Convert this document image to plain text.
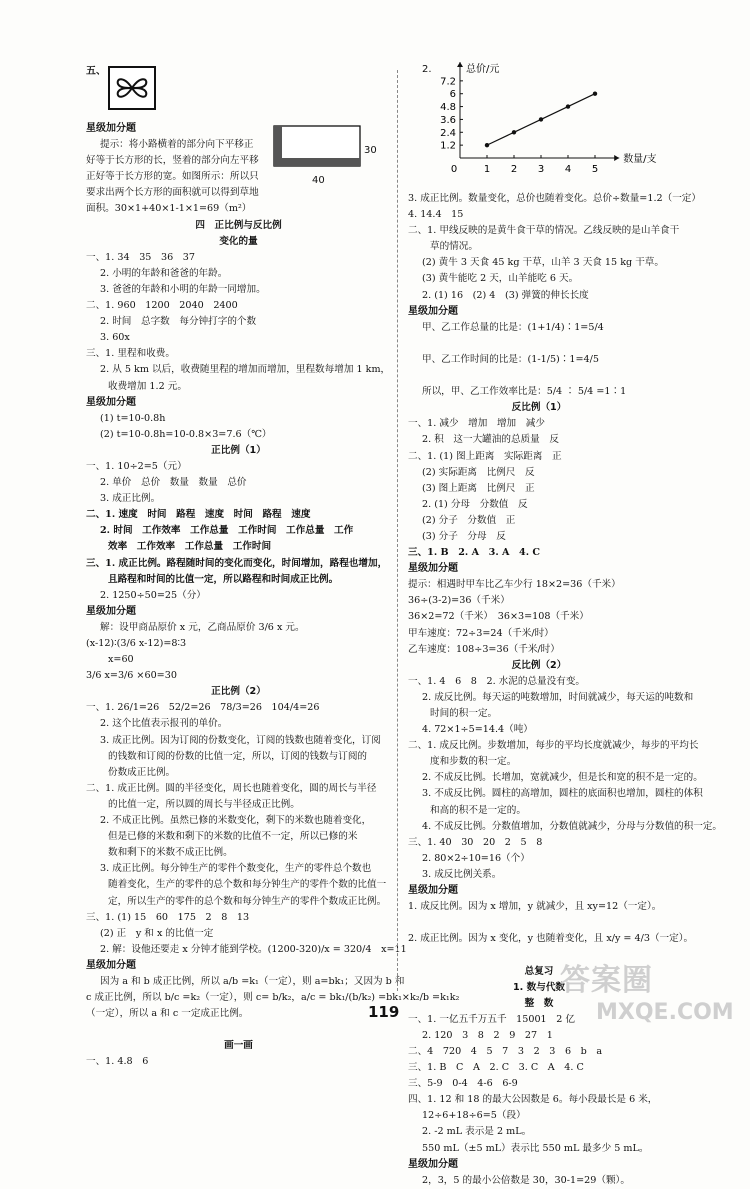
五、
30
40
星级加分题
提示：将小路横着的部分向下平移正
好等于长方形的长，竖着的部分向左平移
正好等于长方形的宽。如图所示：所以只
要求出两个长方形的面积就可以得到草地
面积。30×1+40×1-1×1=69（m²）
四　正比例与反比例
变化的量
一、1. 34　35　36　37
2. 小明的年龄和爸爸的年龄。
3. 爸爸的年龄和小明的年龄一同增加。
二、1. 960　1200　2040　2400
2. 时间　总字数　每分钟打字的个数
3. 60x
三、1. 里程和收费。
2. 从 5 km 以后，收费随里程的增加而增加，里程数每增加 1 km，
收费增加 1.2 元。
星级加分题
(1) t=10-0.8h
(2) t=10-0.8h=10-0.8×3=7.6（℃）
正比例（1）
一、1. 10÷2=5（元）
2. 单价　总价　数量　数量　总价
3. 成正比例。
二、1. 速度　时间　路程　速度　时间　路程　速度
2. 时间　工作效率　工作总量　工作时间　工作总量　工作
效率　工作效率　工作总量　工作时间
三、1. 成正比例。路程随时间的变化而变化，时间增加，路程也增加，
且路程和时间的比值一定，所以路程和时间成正比例。
2. 1250÷50=25（分）
星级加分题
解：设甲商品原价 x 元，乙商品原价 3/6 x 元。
(x-12)∶(3/6 x-12)=8∶3
x=60
3/6 x=3/6 ×60=30
正比例（2）
一、1. 26/1=26　52/2=26　78/3=26　104/4=26
2. 这个比值表示报刊的单价。
3. 成正比例。因为订阅的份数变化，订阅的钱数也随着变化，订阅
的钱数和订阅的份数的比值一定，所以，订阅的钱数与订阅的
份数成正比例。
二、1. 成正比例。圆的半径变化，周长也随着变化，圆的周长与半径
的比值一定，所以圆的周长与半径成正比例。
2. 不成正比例。虽然已修的米数变化，剩下的米数也随着变化，
但是已修的米数和剩下的米数的比值不一定，所以已修的米
数和剩下的米数不成正比例。
3. 成正比例。每分钟生产的零件个数变化，生产的零件总个数也
随着变化，生产的零件的总个数和每分钟生产的零件个数的比值一
定，所以生产的零件的总个数和每分钟生产的零件个数成正比例。
三、1. (1) 15　60　175　2　8　13
(2) 正　y 和 x 的比值一定
2. 解：设他还要走 x 分钟才能到学校。(1200-320)/x = 320/4　x=11
星级加分题
因为 a 和 b 成正比例，所以 a/b =k₁（一定），则 a=bk₁；又因为 b 和
c 成正比例，所以 b/c =k₂（一定），则 c= b/k₂，a/c = bk₁/(b/k₂) =bk₁×k₂/b =k₁k₂
（一定），所以 a 和 c 一定成正比例。

画一画
一、1. 4.8　6
2.
1.2
2.4
3.6
4.8
6
7.2
1 2 3 4 5
0
总价/元
数量/支
3. 成正比例。数量变化，总价也随着变化。总价÷数量=1.2（一定）
4. 14.4　15
二、1. 甲线反映的是黄牛食干草的情况。乙线反映的是山羊食干
草的情况。
(2) 黄牛 3 天食 45 kg 干草，山羊 3 天食 15 kg 干草。
(3) 黄牛能吃 2 天，山羊能吃 6 天。
2. (1) 16　(2) 4　(3) 弹簧的伸长长度
星级加分题
甲、乙工作总量的比是：(1+1/4)∶1=5/4

甲、乙工作时间的比是：(1-1/5)∶1=4/5

所以，甲、乙工作效率比是：5/4 ∶ 5/4 =1∶1
反比例（1）
一、1. 减少　增加　增加　减少
2. 积　这一大罐油的总质量　反
二、1. (1) 图上距离　实际距离　正
(2) 实际距离　比例尺　反
(3) 图上距离　比例尺　正
2. (1) 分母　分数值　反
(2) 分子　分数值　正
(3) 分子　分母　反
三、1. B　2. A　3. A　4. C
星级加分题
提示：相遇时甲车比乙车少行 18×2=36（千米）
36÷(3-2)=36（千米）
36×2=72（千米）　36×3=108（千米）
甲车速度：72÷3=24（千米/时）
乙车速度：108÷3=36（千米/时）
反比例（2）
一、1. 4　6　8　2. 水泥的总量没有变。
2. 成反比例。每天运的吨数增加，时间就减少，每天运的吨数和
时间的积一定。
4. 72×1÷5=14.4（吨）
二、1. 成反比例。步数增加，每步的平均长度就减少，每步的平均长
度和步数的积一定。
2. 不成反比例。长增加，宽就减少，但是长和宽的积不是一定的。
3. 不成反比例。圆柱的高增加，圆柱的底面积也增加，圆柱的体积
和高的积不是一定的。
4. 不成反比例。分数值增加，分数值就减少，分母与分数值的积一定。
三、1. 40　30　20　2　5　8
2. 80×2÷10=16（个）
3. 成反比例关系。
星级加分题
1. 成反比例。因为 x 增加，y 就减少，且 xy=12（一定）。

2. 成正比例。因为 x 变化，y 也随着变化，且 x/y = 4/3（一定）。

总复习
1. 数与代数
整　数
一、1. 一亿五千万五千　15001　2 亿
2. 120　3　8　2　9　27　1
二、4　720　4　5　7　3　2　3　6　b　a
三、1. B　C　A　2. C　3. C　A　4. C
三、5-9　0-4　4-6　6-9
四、1. 12 和 18 的最大公因数是 6。每小段最长是 6 米，
12÷6+18÷6=5（段）
2. -2 mL 表示是 2 mL。
550 mL（±5 mL）表示比 550 mL 最多少 5 mL。
星级加分题
2，3，5 的最小公倍数是 30，30-1=29（颗）。
119
答案圈
MXQE.COM
